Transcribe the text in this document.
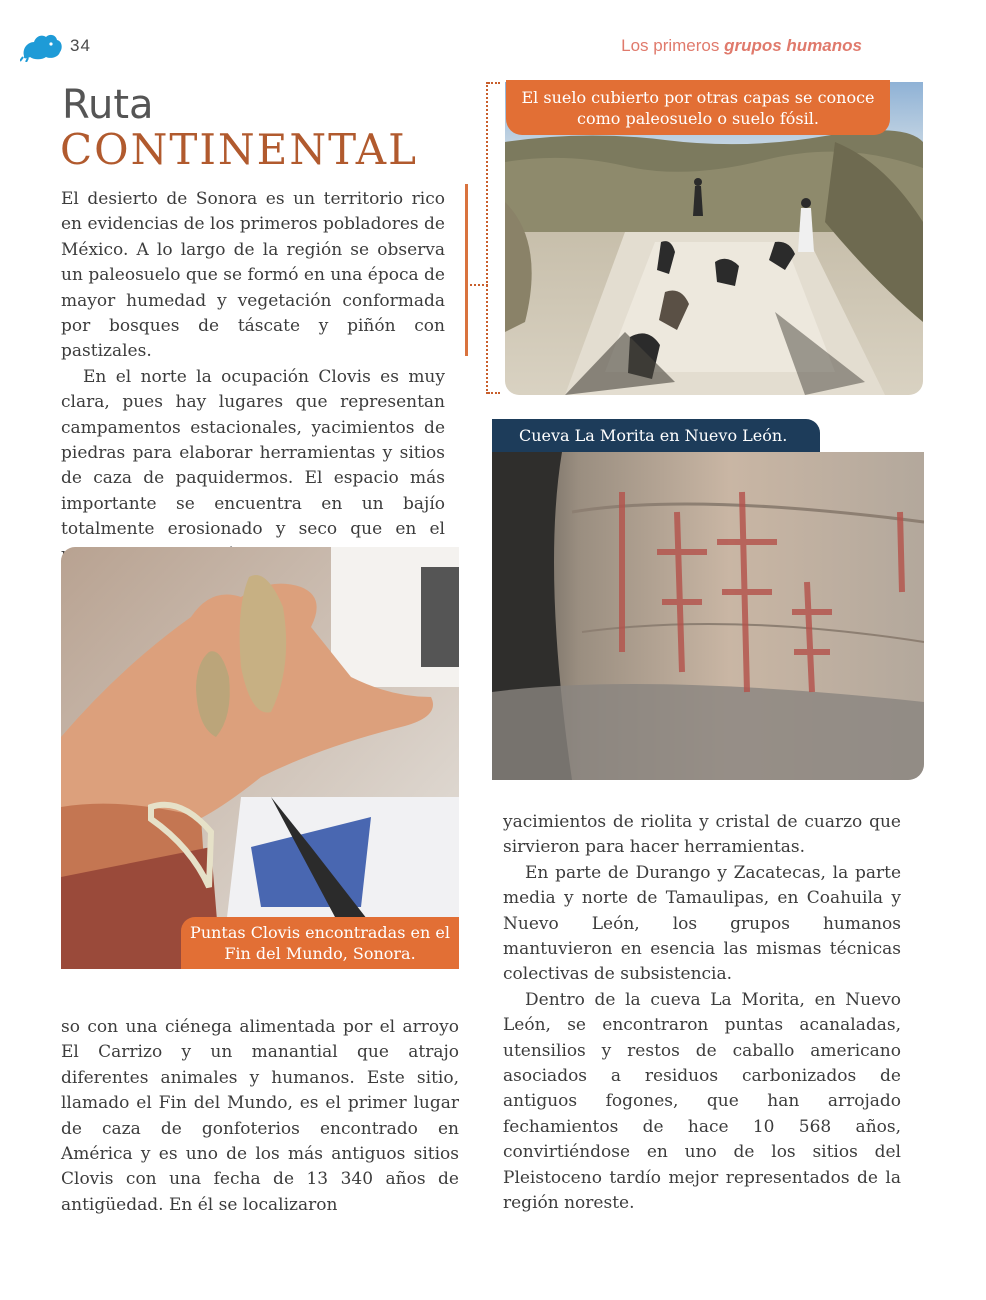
34	Los primeros grupos humanos
Ruta
CONTINENTAL

El desierto de Sonora es un territorio rico en evidencias de los primeros pobladores de México. A lo largo de la región se observa un paleosuelo que se formó en una época de mayor humedad y vegetación conformada por bosques de táscate y piñón con pastizales.

En el norte la ocupación Clovis es muy clara, pues hay lugares que representan campamentos estacionales, yacimientos de piedras para elaborar herramientas y sitios de caza de paquidermos. El espacio más importante se encuentra en un bajío totalmente erosionado y seco que en el

El suelo cubierto por otras capas se conoce como paleosuelo o suelo fósil.
Cueva La Morita en Nuevo León.
Puntas Clovis encontradas en el Fin del Mundo, Sonora.

so con una ciénega alimentada por el arroyo El Carrizo y un manantial que atrajo diferentes animales y humanos. Este sitio, llamado el Fin del Mundo, es el primer lugar de caza de gonfoterios encontrado en América y es uno de los más antiguos sitios Clovis con una fecha de 13 340 años de antigüedad. En él se localizaron

yacimientos de riolita y cristal de cuarzo que sirvieron para hacer herramientas.

En parte de Durango y Zacatecas, la parte media y norte de Tamaulipas, en Coahuila y Nuevo León, los grupos humanos mantuvieron en esencia las mismas técnicas colectivas de subsistencia.

Dentro de la cueva La Morita, en Nuevo León, se encontraron puntas acanaladas, utensilios y restos de caballo americano asociados a residuos carbonizados de antiguos fogones, que han arrojado fechamientos de hace 10 568 años, convirtiéndose en uno de los sitios del Pleistoceno tardío mejor representados de la región noreste.
